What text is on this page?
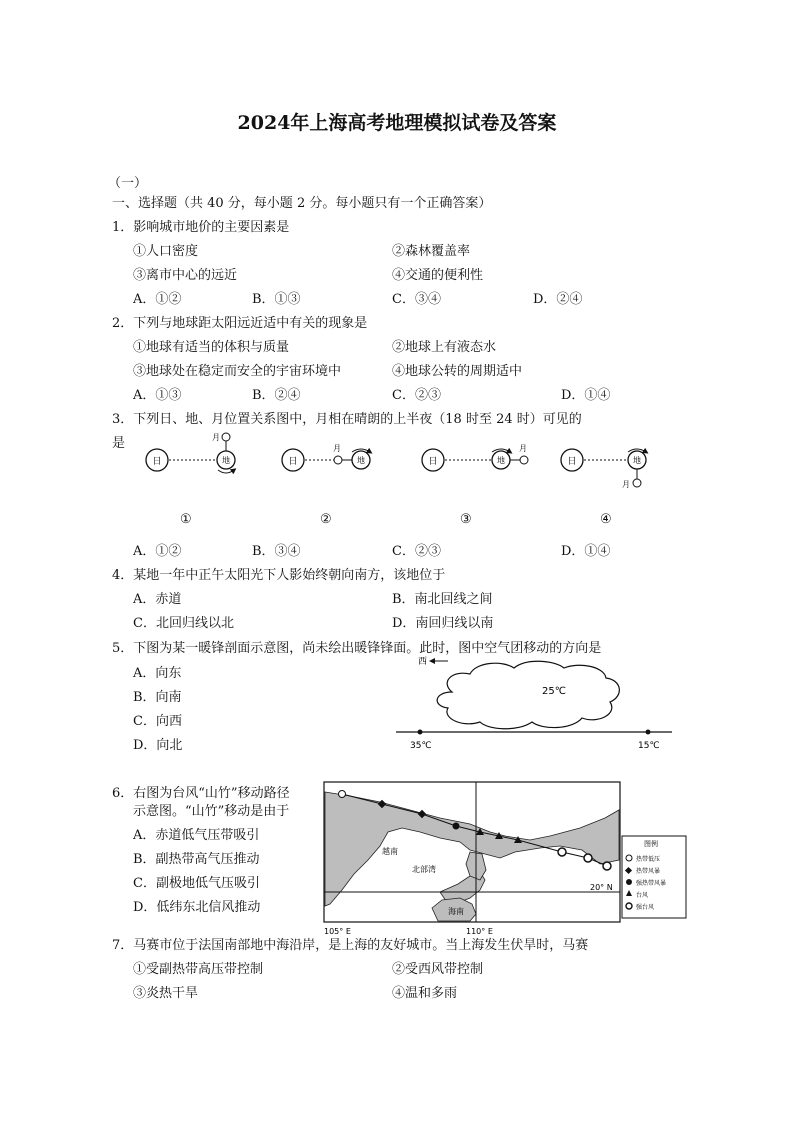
2024年上海高考地理模拟试卷及答案
（一）
一、选择题（共 40 分，每小题 2 分。每小题只有一个正确答案）
1．影响城市地价的主要因素是
①人口密度	②森林覆盖率
③离市中心的远近	④交通的便利性
A．①②	B．①③	C．③④	D．②④
2．下列与地球距太阳远近适中有关的现象是
①地球有适当的体积与质量	②地球上有液态水
③地球处在稳定而安全的宇宙环境中	④地球公转的周期适中
A．①③	B．②④	C．②③	D．①④
3．下列日、地、月位置关系图中，月相在晴朗的上半夜（18 时至 24 时）可见的
是
日	地
月
日
月
地	日	地
月
日	地
月
①	②	③	④
A．①②	B．③④	C．②③	D．①④
4．某地一年中正午太阳光下人影始终朝向南方，该地位于
A．赤道	B．南北回线之间
C．北回归线以北	D．南回归线以南
5．下图为某一暖锋剖面示意图，尚未绘出暖锋锋面。此时，图中空气团移动的方向是
A．向东
B．向南
C．向西
D．向北
西
25℃
35℃	15℃
6．右图为台风“山竹”移动路径
示意图。“山竹”移动是由于
A．赤道低气压带吸引
B．副热带高气压推动
C．副极地低气压吸引
D．低纬东北信风推动
越南
北部湾
海南
20° N
105° E	110° E
图例
热带低压
热带风暴
强热带风暴
台风
强台风
7．马赛市位于法国南部地中海沿岸，是上海的友好城市。当上海发生伏旱时，马赛
①受副热带高压带控制	②受西风带控制
③炎热干旱	④温和多雨
